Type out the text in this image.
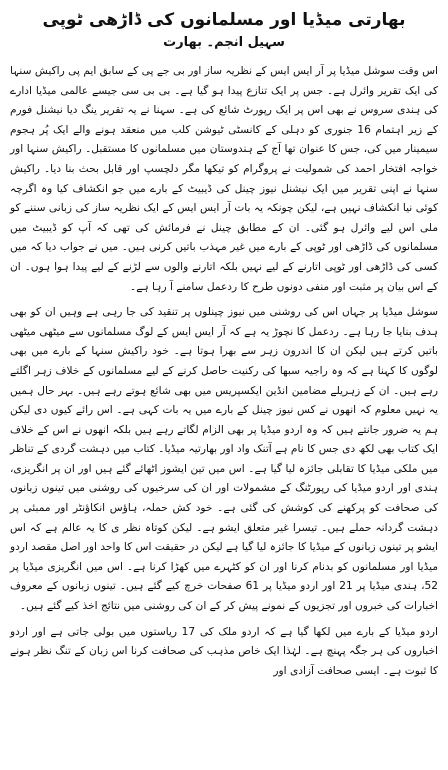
بھارتی میڈیا اور مسلمانوں کی ڈاڑھی ٹوپی
سہیل انجم۔ بھارت

اس وقت سوشل میڈیا پر آر ایس ایس کے نظریہ ساز اور بی جے پی کے سابق ایم پی راکیش سنہا کی ایک تقریر وائرل ہے۔ جس پر ایک تنازع پیدا ہو گیا ہے۔ بی بی سی جیسے عالمی میڈیا ادارے کی ہندی سروس نے بھی اس پر ایک رپورٹ شائع کی ہے۔ سہنا نے یہ تقریر ینگ دیا نیشنل فورم کے زیر اہتمام 16 جنوری کو دہلی کے کانسٹی ٹیوشن کلب میں منعقد ہونے والے ایک پُر ہجوم سیمینار میں کی، جس کا عنوان تھا آج کے ہندوستان میں مسلمانوں کا مستقبل۔ راکیش سنہا اور خواجہ افتخار احمد کی شمولیت نے پروگرام کو تیکھا مگر دلچسپ اور قابل بحث بنا دیا۔ راکیش سنہا نے اپنی تقریر میں ایک نیشنل نیوز چینل کی ڈیبیٹ کے بارے میں جو انکشاف کیا وہ اگرچہ کوئی نیا انکشاف نہیں ہے، لیکن چونکہ یہ بات آر ایس ایس کے ایک نظریہ ساز کی زبانی سننے کو ملی اس لیے وائرل ہو گئی۔ ان کے مطابق چینل نے فرمائش کی تھی کہ آپ کو ڈیبیٹ میں مسلمانوں کی ڈاڑھی اور ٹوپی کے بارے میں غیر مہذب باتیں کرنی ہیں۔ میں نے جواب دیا کہ میں کسی کی ڈاڑھی اور ٹوپی اتارنے کے لیے نہیں بلکہ اتارنے والوں سے لڑنے کے لیے پیدا ہوا ہوں۔ ان کے اس بیان پر مثبت اور منفی دونوں طرح کا ردعمل سامنے آ رہا ہے۔

سوشل میڈیا پر جہاں اس کی روشنی میں نیوز چینلوں پر تنقید کی جا رہی ہے وہیں ان کو بھی ہدف بنایا جا رہا ہے۔ ردعمل کا نچوڑ یہ ہے کہ آر ایس ایس کے لوگ مسلمانوں سے میٹھی میٹھی باتیں کرتے ہیں لیکن ان کا اندرون زہر سے بھرا ہوتا ہے۔ خود راکیش سنہا کے بارے میں بھی لوگوں کا کہنا ہے کہ وہ راجیہ سبھا کی رکنیت حاصل کرنے کے لیے مسلمانوں کے خلاف زہر اگلتے رہے ہیں۔ ان کے زہریلے مضامین انڈین ایکسپریس میں بھی شائع ہوتے رہے ہیں۔ بہر حال ہمیں یہ نہیں معلوم کہ انھوں نے کس نیوز چینل کے بارے میں یہ بات کہی ہے۔ اس رائے کیوں دی لیکن ہم یہ ضرور جانتے ہیں کہ وہ اردو میڈیا پر بھی الزام لگاتے رہے ہیں بلکہ انھوں نے اس کے خلاف ایک کتاب بھی لکھ دی جس کا نام ہے آتنک واد اور بھارتیہ میڈیا۔ کتاب میں دہشت گردی کے تناظر میں ملکی میڈیا کا تقابلی جائزہ لیا گیا ہے۔ اس میں تین ایشوز اٹھائے گئے ہیں اور ان پر انگریزی، ہندی اور اردو میڈیا کی رپورٹنگ کے مشمولات اور ان کی سرخیوں کی روشنی میں تینوں زبانوں کی صحافت کو پرکھنے کی کوشش کی گئی ہے۔ خود کش حملہ، ہاؤس انکاؤنٹر اور ممبئی پر دہشت گردانہ حملے ہیں۔ تیسرا غیر متعلق ایشو ہے۔ لیکن کوتاہ نظر ی کا یہ عالم ہے کہ اس ایشو پر تینوں زبانوں کے میڈیا کا جائزہ لیا گیا ہے لیکن در حقیقت اس کا واحد اور اصل مقصد اردو میڈیا اور مسلمانوں کو بدنام کرنا اور ان کو کٹہرے میں کھڑا کرنا ہے۔ اس میں انگریزی میڈیا پر 52، ہندی میڈیا پر 21 اور اردو میڈیا پر 61 صفحات خرچ کیے گئے ہیں۔ تینوں زبانوں کے معروف اخبارات کی خبروں اور تجزیوں کے نمونے پیش کر کے ان کی روشنی میں نتائج اخذ کیے گئے ہیں۔

اردو میڈیا کے بارے میں لکھا گیا ہے کہ اردو ملک کی 17 ریاستوں میں بولی جاتی ہے اور اردو اخباروں کی ہر جگہ پہنچ ہے۔ لہٰذا ایک خاص مذہب کی صحافت کرنا اس زبان کے تنگ نظر ہونے کا ثبوت ہے۔ ایسی صحافت آزادی اور
